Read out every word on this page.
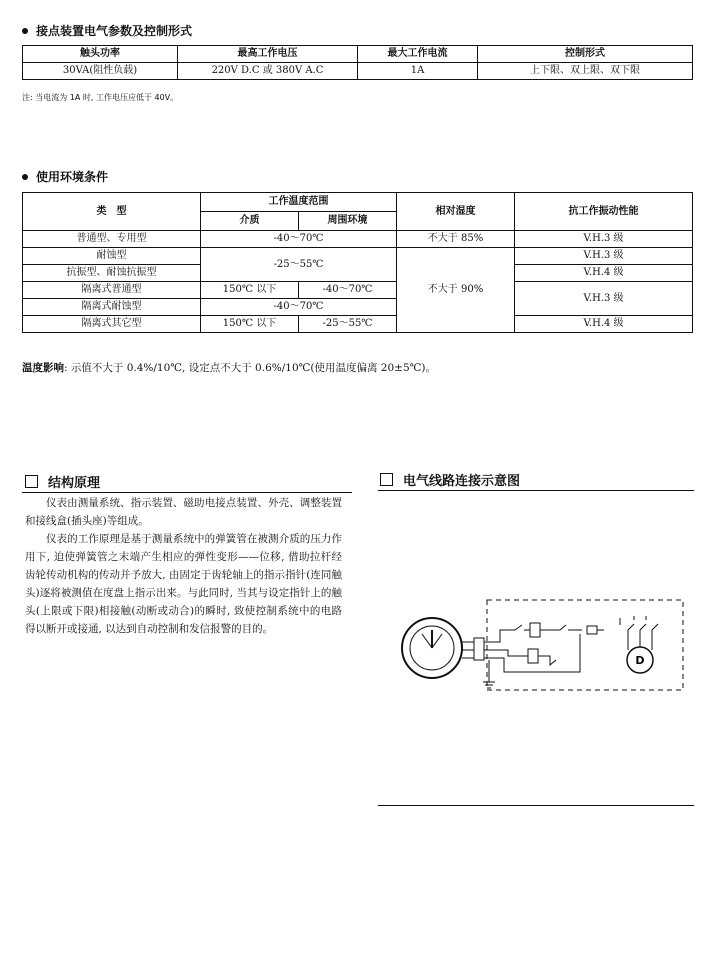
接点装置电气参数及控制形式
触头功率	最高工作电压	最大工作电流	控制形式
30VA(阻性负载)	220V D.C 或 380V A.C	1A	上下限、双上限、双下限
注: 当电流为 1A 时, 工作电压应低于 40V。
使用环境条件
类　型	工作温度范围		相对湿度	抗工作振动性能
	介质	周围环境		
普通型、专用型	-40～70℃		不大于 85%	V.H.3 级
耐蚀型	-25～55℃		不大于 90%	V.H.3 级
抗振型、耐蚀抗振型				V.H.4 级
隔离式普通型	150℃ 以下	-40～70℃		V.H.3 级
隔离式耐蚀型	-40～70℃			
隔离式其它型	150℃ 以下	-25～55℃		V.H.4 级
温度影响: 示值不大于 0.4%/10℃, 设定点不大于 0.6%/10℃(使用温度偏离 20±5℃)。
结构原理

仪表由测量系统、指示装置、磁助电接点装置、外壳、调整装置和接线盒(插头座)等组成。

仪表的工作原理是基于测量系统中的弹簧管在被测介质的压力作用下, 迫使弹簧管之末端产生相应的弹性变形——位移, 借助拉杆经齿轮传动机构的传动并予放大, 由固定于齿轮轴上的指示指针(连同触头)逐将被测值在度盘上指示出来。与此同时, 当其与设定指针上的触头(上限或下限)相接触(动断或动合)的瞬时, 致使控制系统中的电路得以断开或接通, 以达到自动控制和发信报警的目的。

电气线路连接示意图
D
